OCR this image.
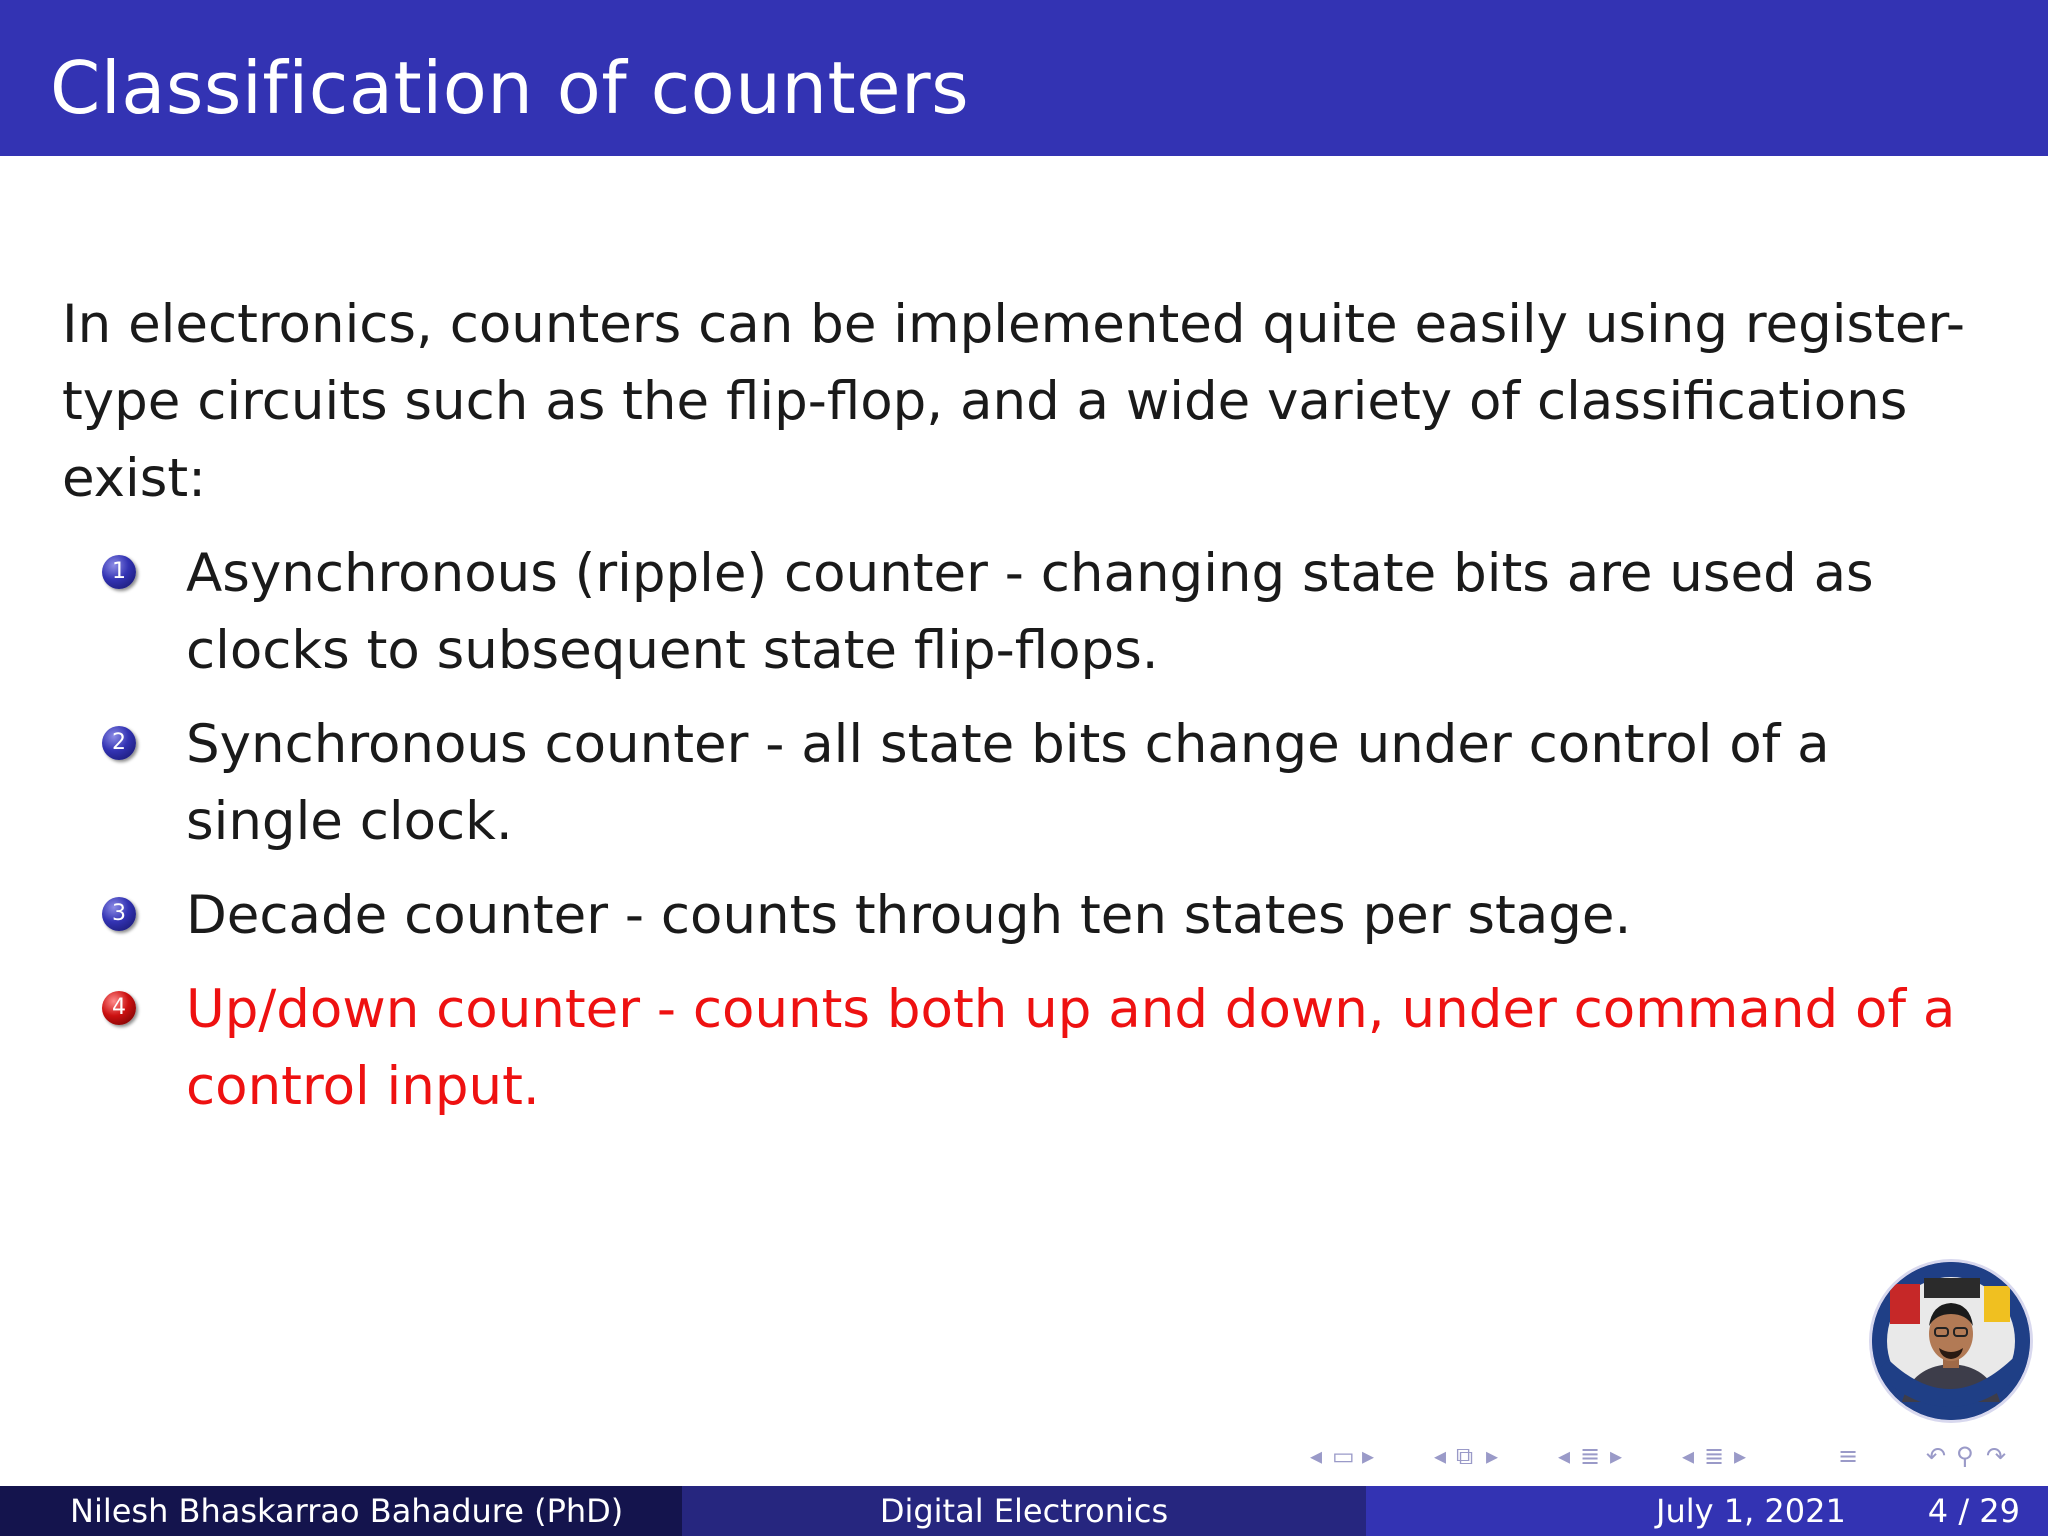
Classification of counters

In electronics, counters can be implemented quite easily using register-type circuits such as the flip-flop, and a wide variety of classifications exist:

1 Asynchronous (ripple) counter - changing state bits are used as clocks to subsequent state flip-flops.
2 Synchronous counter - all state bits change under control of a single clock.
3 Decade counter - counts through ten states per stage.
4 Up/down counter - counts both up and down, under command of a control input.
◂ ▭ ▸ ◂ ⧉ ▸ ◂ ≣ ▸ ◂ ≣ ▸	≡	↶ ⚲ ↷
Nilesh Bhaskarrao Bahadure (PhD)	Digital Electronics	July 1, 2021	4 / 29
